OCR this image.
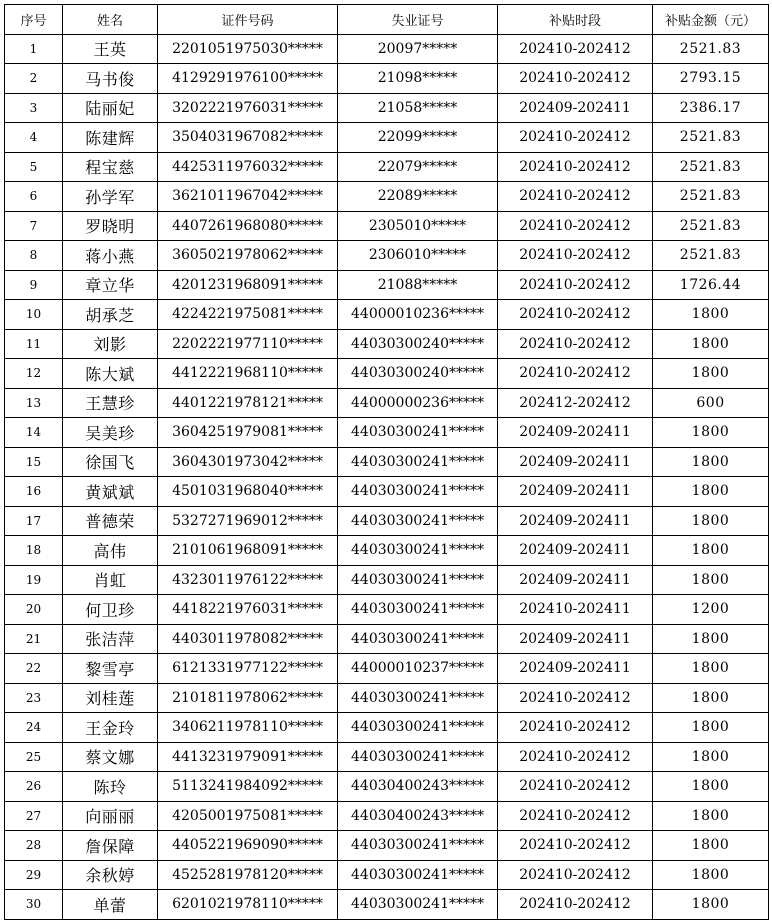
序号	姓名	证件号码	失业证号	补贴时段	补贴金额（元）
1	王英	2201051975030*****	20097*****	202410-202412	2521.83
2	马书俊	4129291976100*****	21098*****	202410-202412	2793.15
3	陆丽妃	3202221976031*****	21058*****	202409-202411	2386.17
4	陈建辉	3504031967082*****	22099*****	202410-202412	2521.83
5	程宝慈	4425311976032*****	22079*****	202410-202412	2521.83
6	孙学军	3621011967042*****	22089*****	202410-202412	2521.83
7	罗晓明	4407261968080*****	2305010*****	202410-202412	2521.83
8	蒋小燕	3605021978062*****	2306010*****	202410-202412	2521.83
9	章立华	4201231968091*****	21088*****	202410-202412	1726.44
10	胡承芝	4224221975081*****	44000010236*****	202410-202412	1800
11	刘影	2202221977110*****	44030300240*****	202410-202412	1800
12	陈大斌	4412221968110*****	44030300240*****	202410-202412	1800
13	王慧珍	4401221978121*****	44000000236*****	202412-202412	600
14	吴美珍	3604251979081*****	44030300241*****	202409-202411	1800
15	徐国飞	3604301973042*****	44030300241*****	202409-202411	1800
16	黄斌斌	4501031968040*****	44030300241*****	202409-202411	1800
17	普德荣	5327271969012*****	44030300241*****	202409-202411	1800
18	高伟	2101061968091*****	44030300241*****	202409-202411	1800
19	肖虹	4323011976122*****	44030300241*****	202409-202411	1800
20	何卫珍	4418221976031*****	44030300241*****	202410-202411	1200
21	张洁萍	4403011978082*****	44030300241*****	202409-202411	1800
22	黎雪亭	6121331977122*****	44000010237*****	202409-202411	1800
23	刘桂莲	2101811978062*****	44030300241*****	202410-202412	1800
24	王金玲	3406211978110*****	44030300241*****	202410-202412	1800
25	蔡文娜	4413231979091*****	44030300241*****	202410-202412	1800
26	陈玲	5113241984092*****	44030400243*****	202410-202412	1800
27	向丽丽	4205001975081*****	44030400243*****	202410-202412	1800
28	詹保障	4405221969090*****	44030300241*****	202410-202412	1800
29	余秋婷	4525281978120*****	44030300241*****	202410-202412	1800
30	单蕾	6201021978110*****	44030300241*****	202410-202412	1800
